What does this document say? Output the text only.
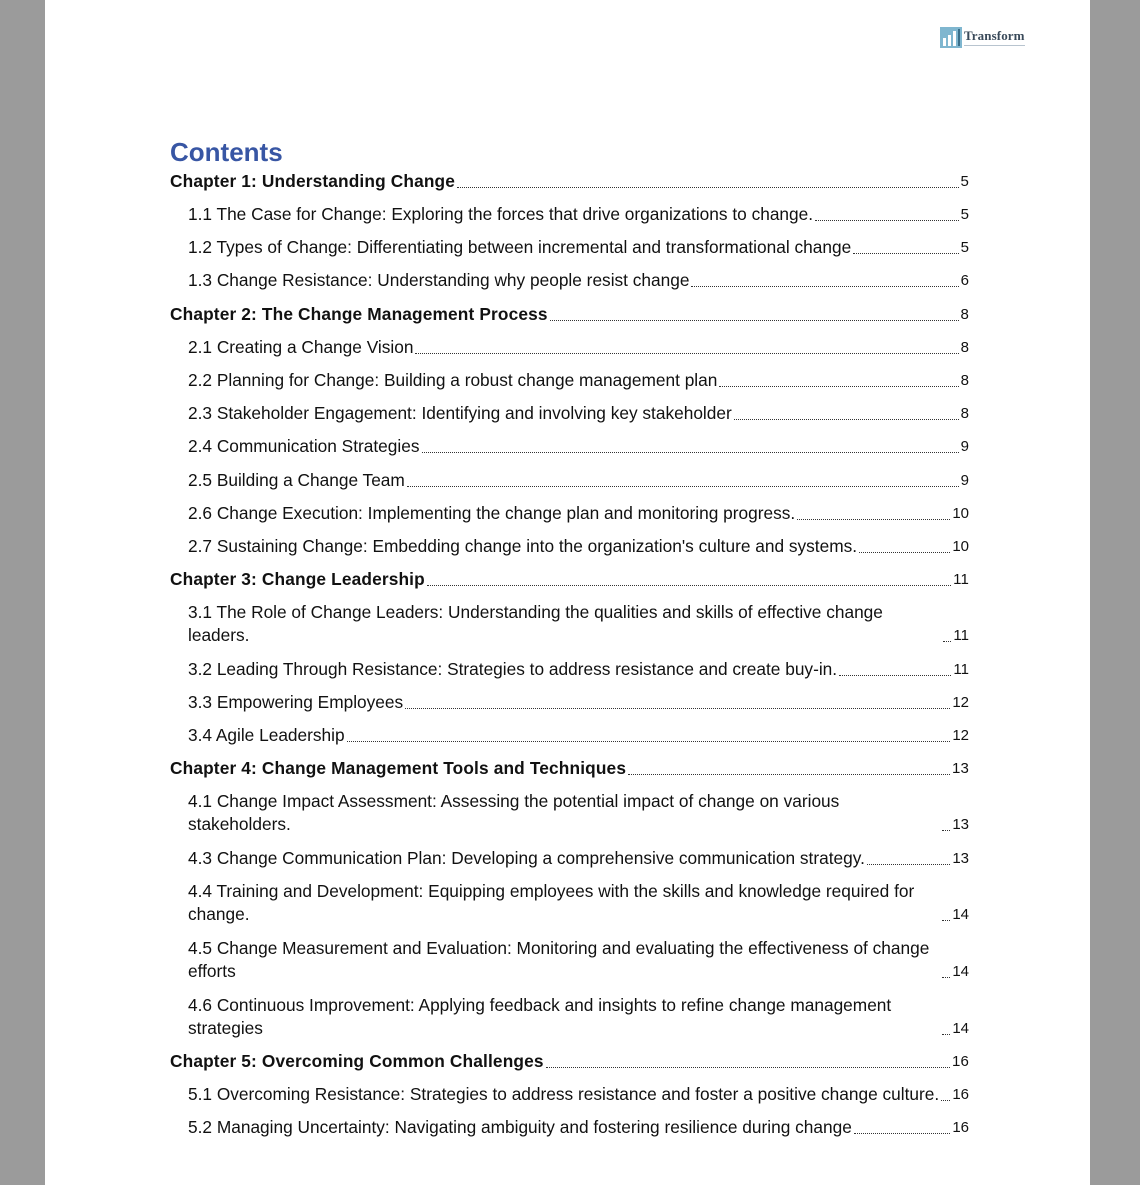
Transform
Contents
Chapter 1: Understanding Change	5
1.1 The Case for Change: Exploring the forces that drive organizations to change.	5
1.2 Types of Change: Differentiating between incremental and transformational change	5
1.3 Change Resistance: Understanding why people resist change	6
Chapter 2: The Change Management Process	8
2.1 Creating a Change Vision	8
2.2 Planning for Change: Building a robust change management plan	8
2.3 Stakeholder Engagement: Identifying and involving key stakeholder	8
2.4 Communication Strategies	9
2.5 Building a Change Team	9
2.6 Change Execution: Implementing the change plan and monitoring progress.	10
2.7 Sustaining Change: Embedding change into the organization's culture and systems.	10
Chapter 3: Change Leadership	11
3.1 The Role of Change Leaders: Understanding the qualities and skills of effective change leaders.	11
3.2 Leading Through Resistance: Strategies to address resistance and create buy-in.	11
3.3 Empowering Employees	12
3.4 Agile Leadership	12
Chapter 4: Change Management Tools and Techniques	13
4.1 Change Impact Assessment: Assessing the potential impact of change on various stakeholders.	13
4.3 Change Communication Plan: Developing a comprehensive communication strategy.	13
4.4 Training and Development: Equipping employees with the skills and knowledge required for change.	14
4.5 Change Measurement and Evaluation: Monitoring and evaluating the effectiveness of change efforts	14
4.6 Continuous Improvement: Applying feedback and insights to refine change management strategies	14
Chapter 5: Overcoming Common Challenges	16
5.1 Overcoming Resistance: Strategies to address resistance and foster a positive change culture. 16
5.2 Managing Uncertainty: Navigating ambiguity and fostering resilience during change	16
